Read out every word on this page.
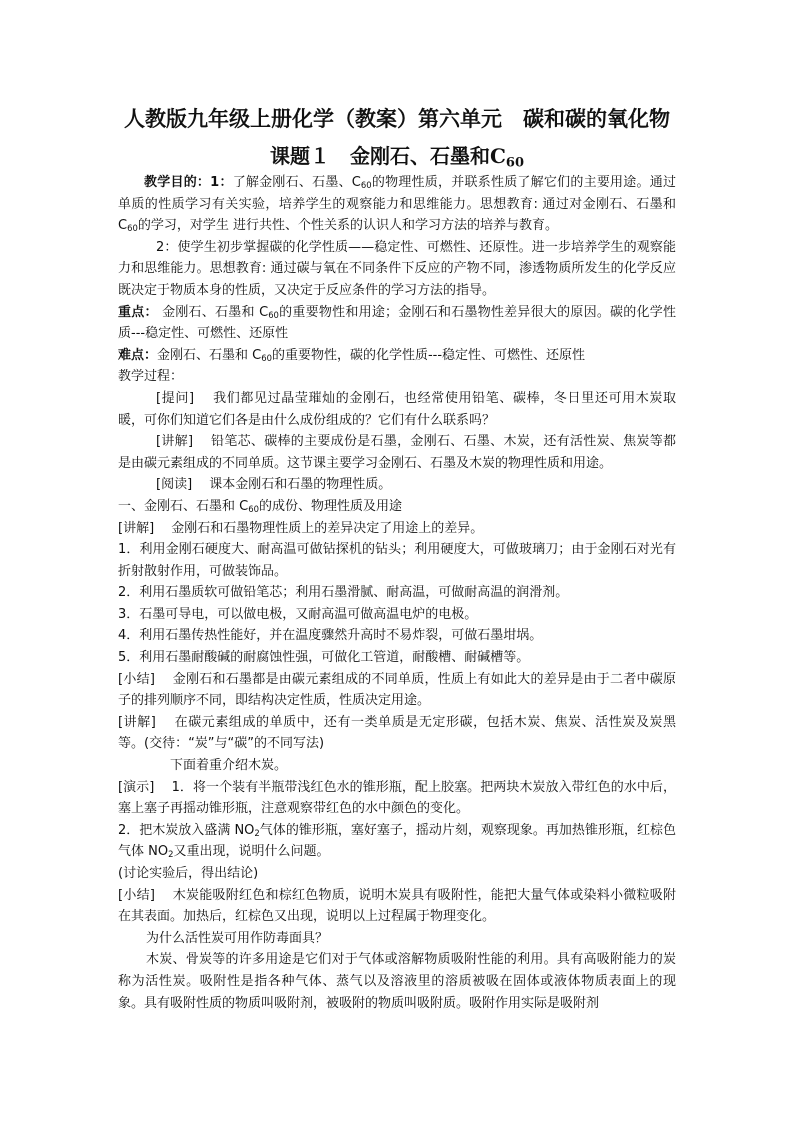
人教版九年级上册化学（教案）第六单元　碳和碳的氧化物
课题１　金刚石、石墨和$C_{60}$

教学目的：1：了解金刚石、石墨、$C_{60}$的物理性质，并联系性质了解它们的主要用途。通过单质的性质学习有关实验，培养学生的观察能力和思维能力。思想教育: 通过对金刚石、石墨和 $C_{60}$的学习，对学生 进行共性、个性关系的认识人和学习方法的培养与教育。

2：使学生初步掌握碳的化学性质——稳定性、可燃性、还原性。进一步培养学生的观察能力和思维能力。思想教育: 通过碳与氧在不同条件下反应的产物不同，渗透物质所发生的化学反应既决定于物质本身的性质，又决定于反应条件的学习方法的指导。

重点： 金刚石、石墨和 $C_{60}$的重要物性和用途；金刚石和石墨物性差异很大的原因。碳的化学性质---稳定性、可燃性、还原性

难点：金刚石、石墨和 $C_{60}$的重要物性，碳的化学性质---稳定性、可燃性、还原性

教学过程：

[提问]　 我们都见过晶莹璀灿的金刚石，也经常使用铅笔、碳棒，冬日里还可用木炭取暖，可你们知道它们各是由什么成份组成的？它们有什么联系吗？

[讲解]　 铅笔芯、碳棒的主要成份是石墨，金刚石、石墨、木炭，还有活性炭、焦炭等都是由碳元素组成的不同单质。这节课主要学习金刚石、石墨及木炭的物理性质和用途。

[阅读]　 课本金刚石和石墨的物理性质。

一、金刚石、石墨和 $C_{60}$的成份、物理性质及用途

[讲解]　 金刚石和石墨物理性质上的差异决定了用途上的差异。

1．利用金刚石硬度大、耐高温可做钻探机的钻头；利用硬度大，可做玻璃刀；由于金刚石对光有折射散射作用，可做装饰品。

2．利用石墨质软可做铅笔芯；利用石墨滑腻、耐高温，可做耐高温的润滑剂。

3．石墨可导电，可以做电极，又耐高温可做高温电炉的电极。

4．利用石墨传热性能好，并在温度骤然升高时不易炸裂，可做石墨坩埚。

5．利用石墨耐酸碱的耐腐蚀性强，可做化工管道，耐酸槽、耐碱槽等。

[小结]　 金刚石和石墨都是由碳元素组成的不同单质，性质上有如此大的差异是由于二者中碳原子的排列顺序不同，即结构决定性质，性质决定用途。

[讲解]　 在碳元素组成的单质中，还有一类单质是无定形碳，包括木炭、焦炭、活性炭及炭黑等。(交待：“炭”与“碳”的不同写法)

下面着重介绍木炭。

[演示]　 1．将一个装有半瓶带浅红色水的锥形瓶，配上胶塞。把两块木炭放入带红色的水中后，塞上塞子再摇动锥形瓶，注意观察带红色的水中颜色的变化。

2．把木炭放入盛满 $NO_2$气体的锥形瓶，塞好塞子，摇动片刻，观察现象。再加热锥形瓶，红棕色气体 $NO_2$又重出现，说明什么问题。

(讨论实验后，得出结论)

[小结]　 木炭能吸附红色和棕红色物质，说明木炭具有吸附性，能把大量气体或染料小微粒吸附在其表面。加热后，红棕色又出现，说明以上过程属于物理变化。

为什么活性炭可用作防毒面具？

木炭、骨炭等的许多用途是它们对于气体或溶解物质吸附性能的利用。具有高吸附能力的炭称为活性炭。吸附性是指各种气体、蒸气以及溶液里的溶质被吸在固体或液体物质表面上的现象。具有吸附性质的物质叫吸附剂，被吸附的物质叫吸附质。吸附作用实际是吸附剂
